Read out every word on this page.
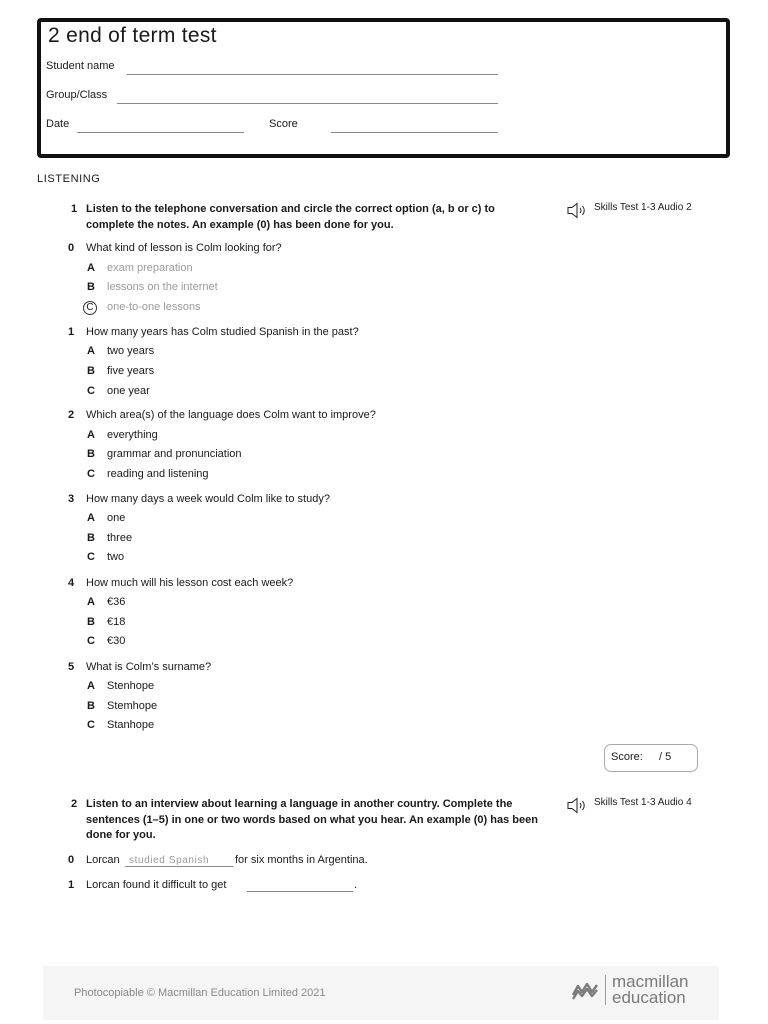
2 end of term test
Student name
Group/Class
Date	Score
LISTENING
1 Listen to the telephone conversation and circle the correct option (a, b or c) to
complete the notes. An example (0) has been done for you.
Skills Test 1-3 Audio 2
0 What kind of lesson is Colm looking for?
A exam preparation
B lessons on the internet
C	one-to-one lessons
1 How many years has Colm studied Spanish in the past?
A two years
B five years
C one year
2 Which area(s) of the language does Colm want to improve?
A everything
B grammar and pronunciation
C reading and listening
3 How many days a week would Colm like to study?
A one
B three
C two
4 How much will his lesson cost each week?
A €36
B €18
C €30
5 What is Colm’s surname?
A Stenhope
B Stemhope
C Stanhope
Score: / 5
2 Listen to an interview about learning a language in another country. Complete the
sentences (1–5) in one or two words based on what you hear. An example (0) has been
done for you.
Skills Test 1-3 Audio 4
0 Lorcan studied Spanish for six months in Argentina.
1 Lorcan found it difficult to get	.
Photocopiable © Macmillan Education Limited 2021
macmillan
education
